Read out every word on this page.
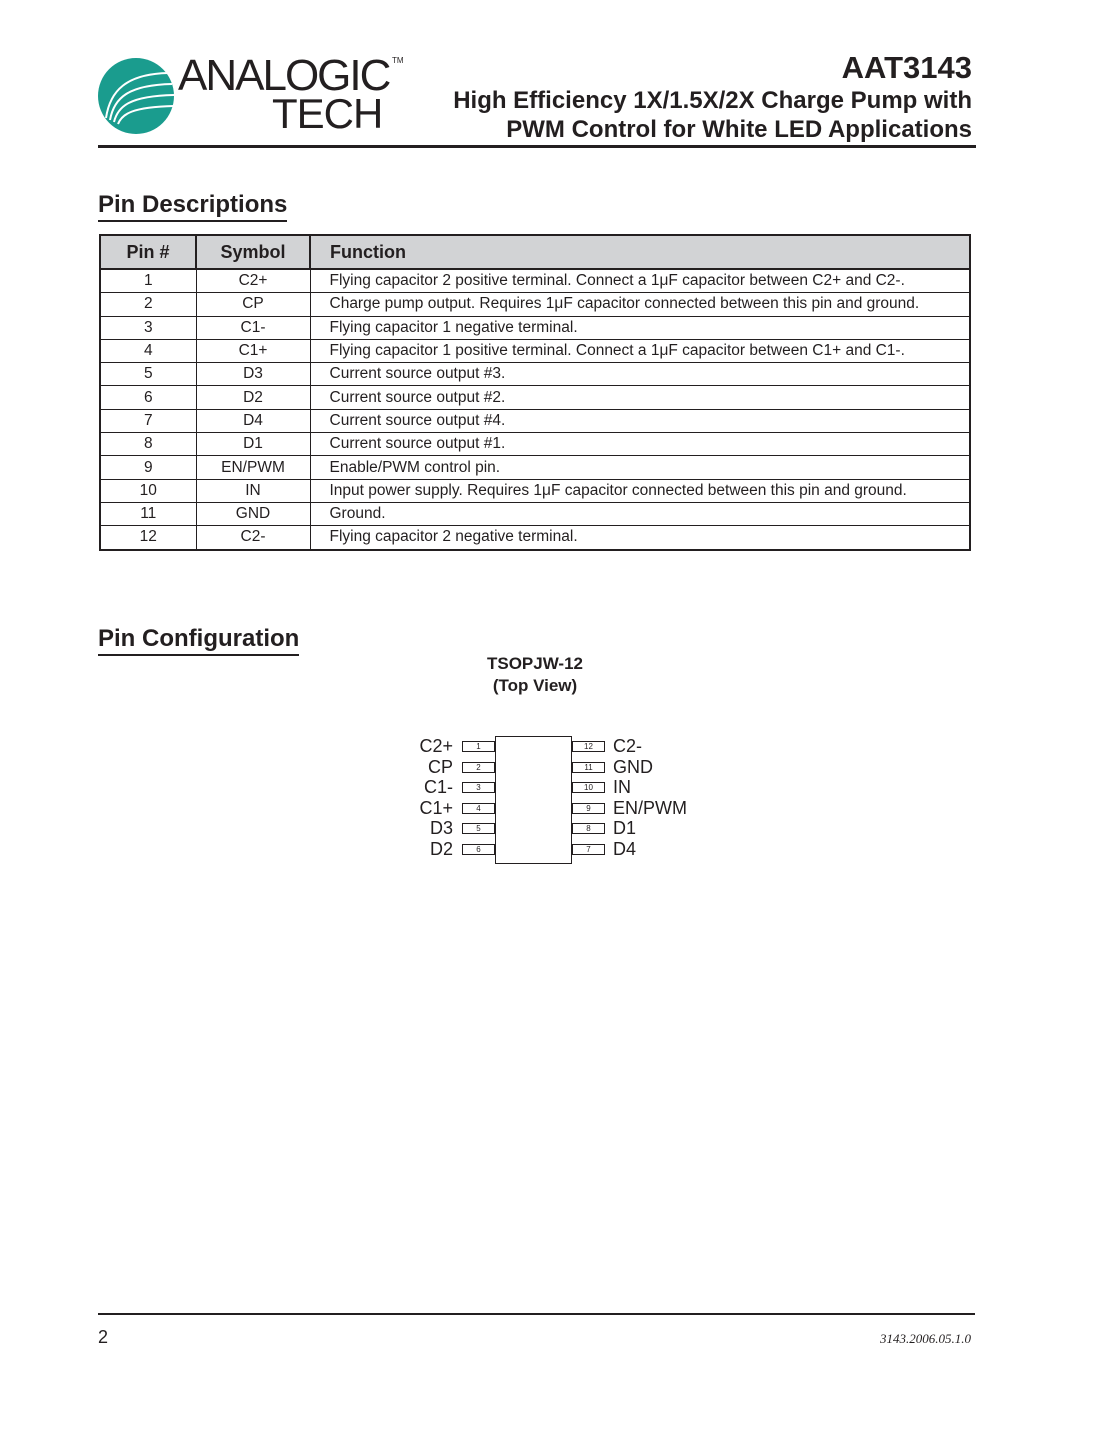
ANALOGIC TM
TECH
AAT3143
High Efficiency 1X/1.5X/2X Charge Pump with
PWM Control for White LED Applications
Pin Descriptions
Pin #	Symbol	Function
1	C2+	Flying capacitor 2 positive terminal. Connect a 1μF capacitor between C2+ and C2-.
2	CP	Charge pump output. Requires 1μF capacitor connected between this pin and ground.
3	C1-	Flying capacitor 1 negative terminal.
4	C1+	Flying capacitor 1 positive terminal. Connect a 1μF capacitor between C1+ and C1-.
5	D3	Current source output #3.
6	D2	Current source output #2.
7	D4	Current source output #4.
8	D1	Current source output #1.
9	EN/PWM	Enable/PWM control pin.
10	IN	Input power supply. Requires 1μF capacitor connected between this pin and ground.
11	GND	Ground.
12	C2-	Flying capacitor 2 negative terminal.
Pin Configuration
TSOPJW-12
(Top View)
C2+	1
CP	2
C1-	3
C1+	4
D3	5
D2	6
12	C2-
11	GND
10	IN
9	EN/PWM
8	D1
7	D4
2	3143.2006.05.1.0
